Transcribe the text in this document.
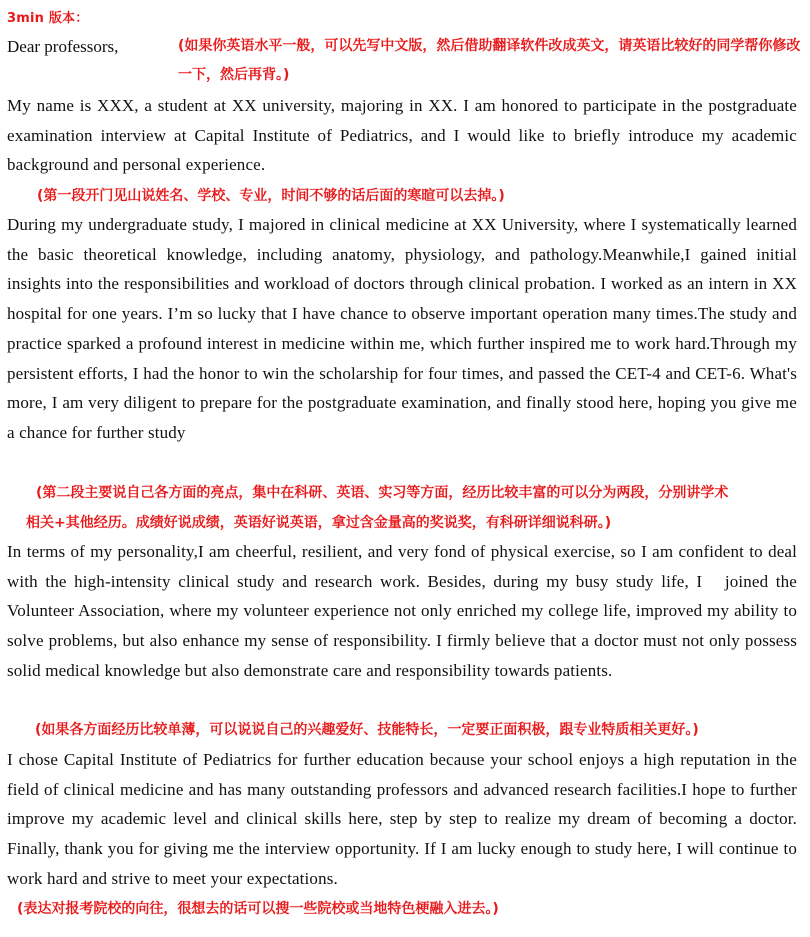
3min 版本：
Dear professors,	(如果你英语水平一般，可以先写中文版，然后借助翻译软件改成英文，请英语比较好的同学帮你修改一下，然后再背。)

My name is XXX, a student at XX university, majoring in XX. I am honored to participate in the postgraduate examination interview at Capital Institute of Pediatrics, and I would like to briefly introduce my academic background and personal experience.

(第一段开门见山说姓名、学校、专业，时间不够的话后面的寒暄可以去掉。)

During my undergraduate study, I majored in clinical medicine at XX University, where I systematically learned the basic theoretical knowledge, including anatomy, physiology, and pathology.Meanwhile,I gained initial insights into the responsibilities and workload of doctors through clinical probation. I worked as an intern in XX hospital for one years. I’m so lucky that I have chance to observe important operation many times.The study and practice sparked a profound interest in medicine within me, which further inspired me to work hard.Through my persistent efforts, I had the honor to win the scholarship for four times, and passed the CET-4 and CET-6. What's more, I am very diligent to prepare for the postgraduate examination, and finally stood here, hoping you give me a chance for further study

(第二段主要说自己各方面的亮点，集中在科研、英语、实习等方面，经历比较丰富的可以分为两段，分别讲学术
相关+其他经历。成绩好说成绩，英语好说英语，拿过含金量高的奖说奖，有科研详细说科研。)

In terms of my personality,I am cheerful, resilient, and very fond of physical exercise, so I am confident to deal with the high-intensity clinical study and research work. Besides, during my busy study life, I   joined the Volunteer Association, where my volunteer experience not only enriched my college life, improved my ability to solve problems, but also enhance my sense of responsibility. I firmly believe that a doctor must not only possess solid medical knowledge but also demonstrate care and responsibility towards patients.

(如果各方面经历比较单薄，可以说说自己的兴趣爱好、技能特长，一定要正面积极，跟专业特质相关更好。)

I chose Capital Institute of Pediatrics for further education because your school enjoys a high reputation in the field of clinical medicine and has many outstanding professors and advanced research facilities.I hope to further improve my academic level and clinical skills here, step by step to realize my dream of becoming a doctor. Finally, thank you for giving me the interview opportunity. If I am lucky enough to study here, I will continue to work hard and strive to meet your expectations.

(表达对报考院校的向往，很想去的话可以搜一些院校或当地特色梗融入进去。)
